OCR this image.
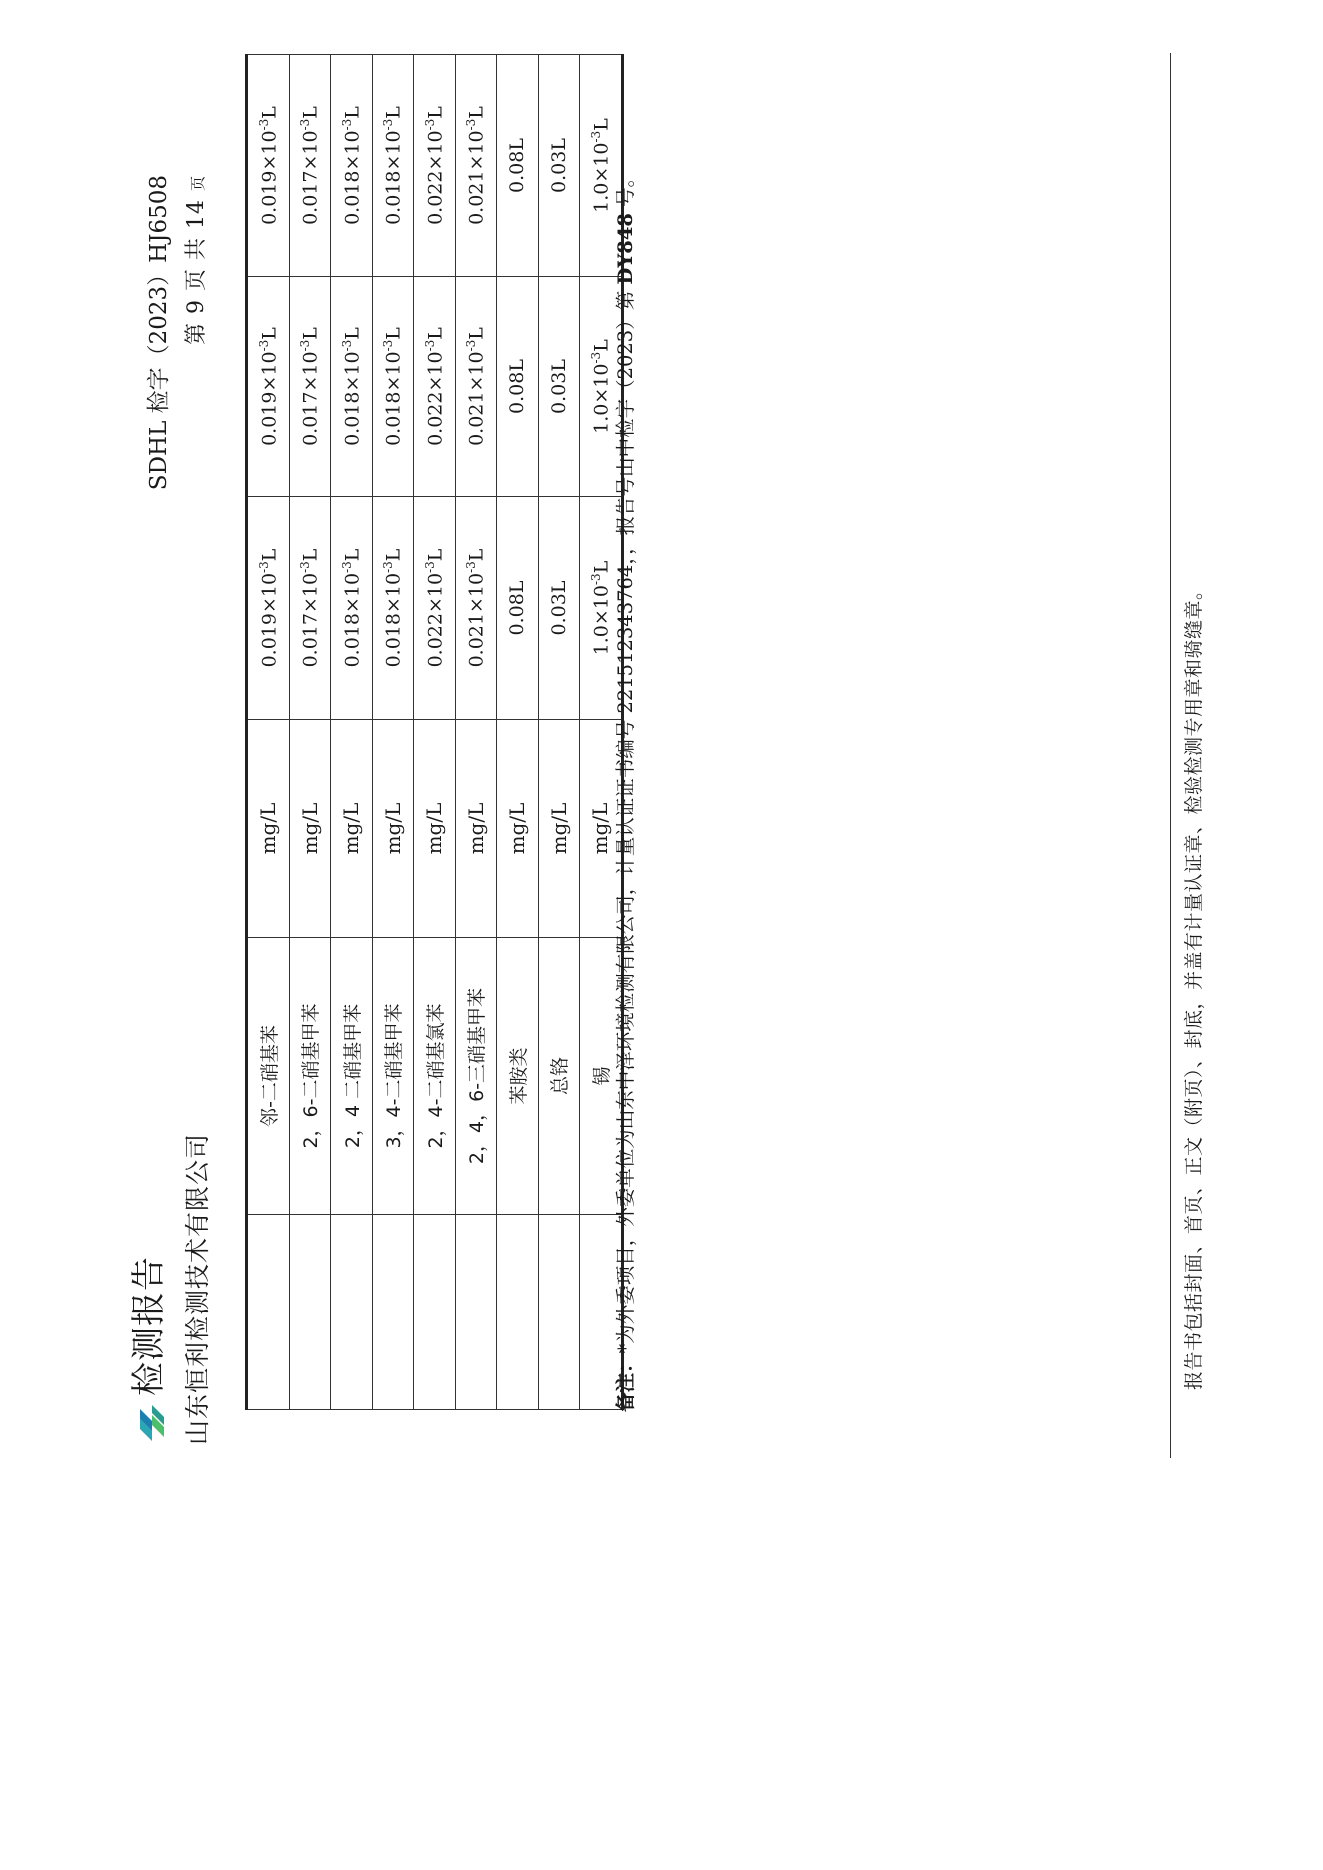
检测报告 山东恒利检测技术有限公司
SDHL 检字（2023）HJ6508 第 9 页 共 14 页
	邻-二硝基苯	mg/L	$0.019\times 10^{-3}L$	$0.019\times 10^{-3}L$	$0.019\times 10^{-3}L$
	2，6-二硝基甲苯	mg/L	$0.017\times 10^{-3}L$	$0.017\times 10^{-3}L$	$0.017\times 10^{-3}L$
	2，4 二硝基甲苯	mg/L	$0.018\times 10^{-3}L$	$0.018\times 10^{-3}L$	$0.018\times 10^{-3}L$
	3，4-二硝基甲苯	mg/L	$0.018\times 10^{-3}L$	$0.018\times 10^{-3}L$	$0.018\times 10^{-3}L$
	2，4-二硝基氯苯	mg/L	$0.022\times 10^{-3}L$	$0.022\times 10^{-3}L$	$0.022\times 10^{-3}L$
	2，4，6-三硝基甲苯	mg/L	$0.021\times 10^{-3}L$	$0.021\times 10^{-3}L$	$0.021\times 10^{-3}L$
	苯胺类	mg/L	0.08L	0.08L	0.08L
	总铬	mg/L	0.03L	0.03L	0.03L
	锡	mg/L	$1.0\times 10^{-3}L$	$1.0\times 10^{-3}L$	$1.0\times 10^{-3}L$
备注：*为外委项目，外委单位为山东中泽环境检测有限公司，计量认证证书编号 221512343764，，报告号山中检字（2023）第 DY848 号。
报告书包括封面、首页、正文（附页）、封底，并盖有计量认证章、检验检测专用章和骑缝章。
